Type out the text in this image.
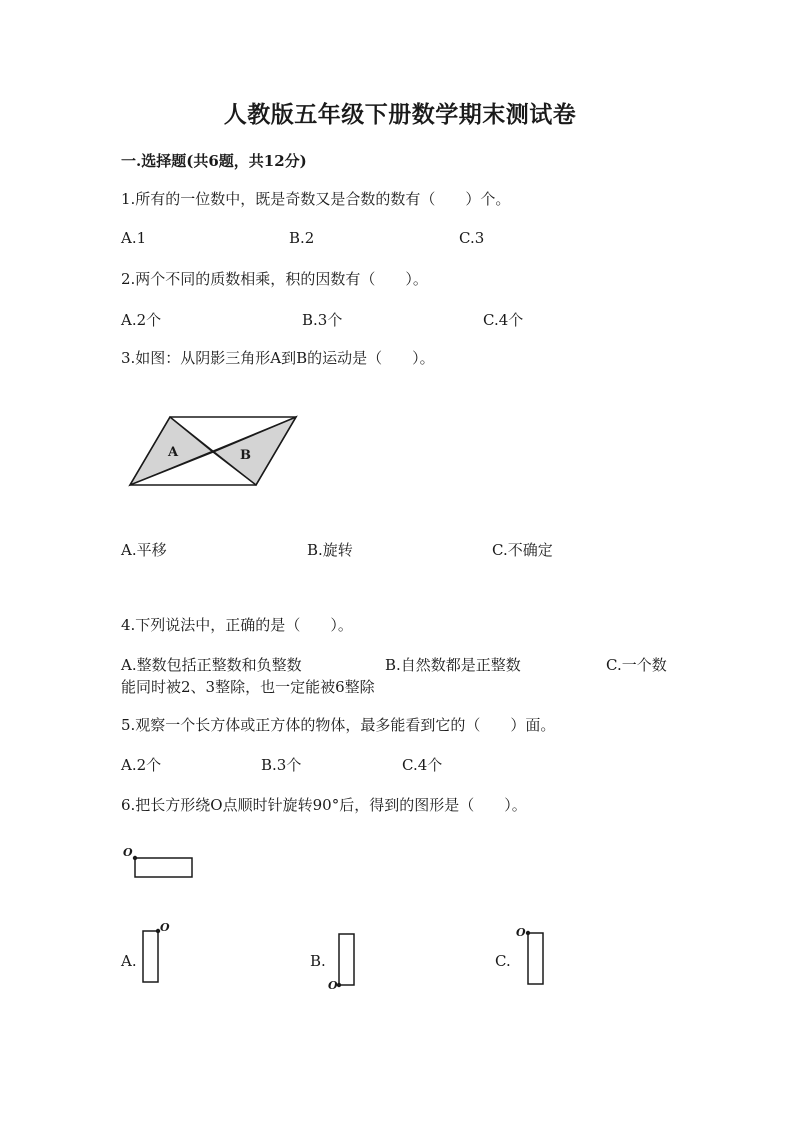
人教版五年级下册数学期末测试卷
一.选择题(共6题，共12分)
1.所有的一位数中，既是奇数又是合数的数有（　　）个。
A.1	B.2	C.3
2.两个不同的质数相乘，积的因数有（　　）。
A.2个	B.3个	C.4个
3.如图：从阴影三角形A到B的运动是（　　）。
A	B
A.平移	B.旋转	C.不确定
4.下列说法中，正确的是（　　）。
A.整数包括正整数和负整数	B.自然数都是正整数	C.一个数
能同时被2、3整除，也一定能被6整除
5.观察一个长方体或正方体的物体，最多能看到它的（　　）面。
A.2个	B.3个	C.4个
6.把长方形绕O点顺时针旋转90°后，得到的图形是（　　）。
O
A.
O
B.
O
C.
O
